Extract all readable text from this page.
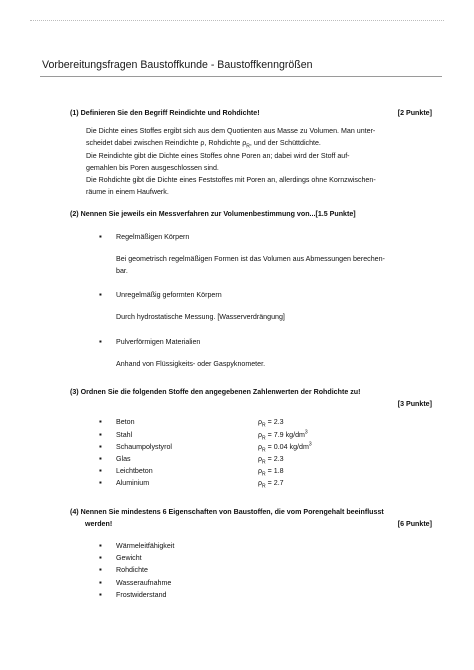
Vorbereitungsfragen Baustoffkunde - Baustoffkenngrößen
(1) Definieren Sie den Begriff Reindichte und Rohdichte!	[2 Punkte]

Die Dichte eines Stoffes ergibt sich aus dem Quotienten aus Masse zu Volumen. Man unter-

scheidet dabei zwischen Reindichte ρ, Rohdichte $\rho_R$, und der Schüttdichte.

Die Reindichte gibt die Dichte eines Stoffes ohne Poren an; dabei wird der Stoff auf-

gemahlen bis Poren ausgeschlossen sind.

Die Rohdichte gibt die Dichte eines Feststoffes mit Poren an, allerdings ohne Kornzwischen-

räume in einem Haufwerk.

(2) Nennen Sie jeweils ein Messverfahren zur Volumenbestimmung von...[1.5 Punkte]
▪ Regelmäßigen Körpern
Bei geometrisch regelmäßigen Formen ist das Volumen aus Abmessungen berechen-
bar.
▪ Unregelmäßig geformten Körpern
Durch hydrostatische Messung. [Wasserverdrängung]
▪ Pulverförmigen Materialien
Anhand von Flüssigkeits- oder Gaspyknometer.
(3) Ordnen Sie die folgenden Stoffe den angegebenen Zahlenwerten der Rohdichte zu!
[3 Punkte]
▪ Beton	$\rho_R = 2.3$
▪ Stahl	$\rho_R = 7.9$ $kg/dm^3$
▪ Schaumpolystyrol	$\rho_R = 0.04$ $kg/dm^3$
▪ Glas	$\rho_R = 2.3$
▪ Leichtbeton	$\rho_R = 1.8$
▪ Aluminium	$\rho_R = 2.7$
(4) Nennen Sie mindestens 6 Eigenschaften von Baustoffen, die vom Porengehalt beeinflusst
werden!	[6 Punkte]
▪ Wärmeleitfähigkeit
▪ Gewicht
▪ Rohdichte
▪ Wasseraufnahme
▪ Frostwiderstand
